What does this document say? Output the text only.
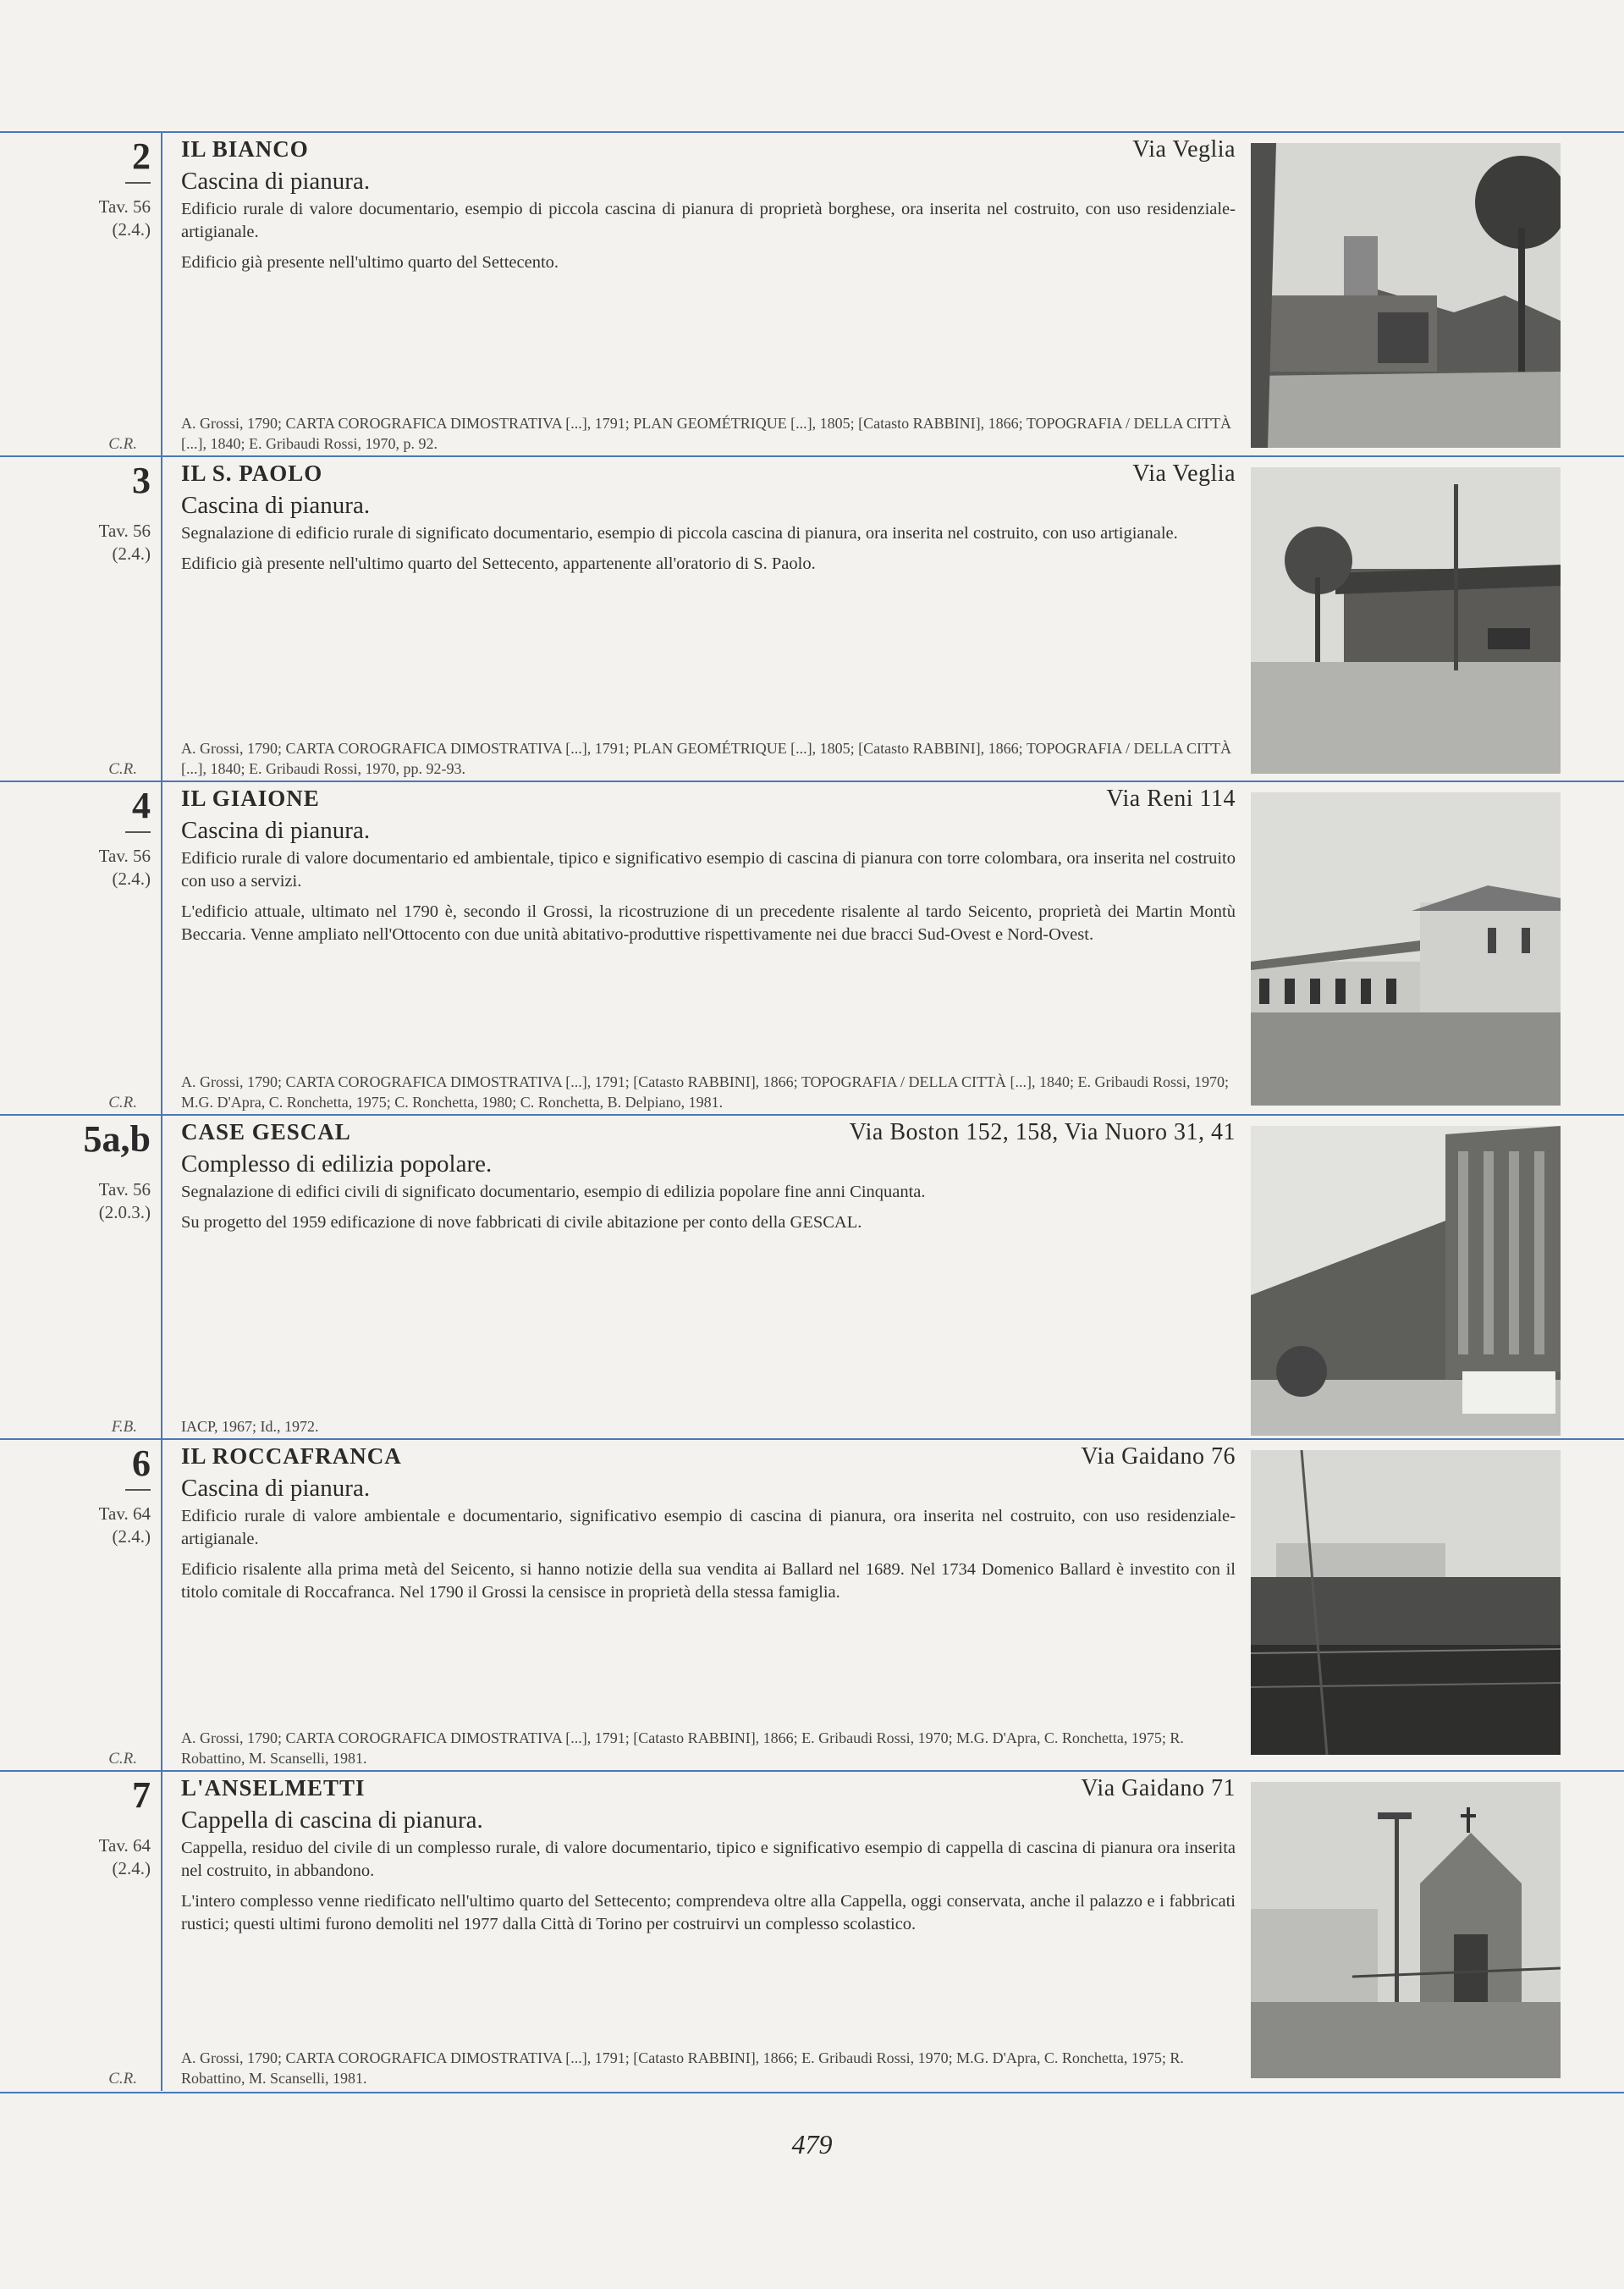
2
Tav. 56
(2.4.)
C.R.
IL BIANCO	Via Veglia
Cascina di pianura.

Edificio rurale di valore documentario, esempio di piccola cascina di pianura di proprietà borghese, ora inserita nel costruito, con uso residenziale-artigianale.

Edificio già presente nell'ultimo quarto del Settecento.

A. Grossi, 1790; CARTA COROGRAFICA DIMOSTRATIVA [...], 1791; PLAN GEOMÉTRIQUE [...], 1805; [Catasto RABBINI], 1866; TOPOGRAFIA / DELLA CITTÀ [...], 1840; E. Gribaudi Rossi, 1970, p. 92.
3
Tav. 56
(2.4.)
C.R.
IL S. PAOLO	Via Veglia
Cascina di pianura.

Segnalazione di edificio rurale di significato documentario, esempio di piccola cascina di pianura, ora inserita nel costruito, con uso artigianale.

Edificio già presente nell'ultimo quarto del Settecento, appartenente all'oratorio di S. Paolo.

A. Grossi, 1790; CARTA COROGRAFICA DIMOSTRATIVA [...], 1791; PLAN GEOMÉTRIQUE [...], 1805; [Catasto RABBINI], 1866; TOPOGRAFIA / DELLA CITTÀ [...], 1840; E. Gribaudi Rossi, 1970, pp. 92-93.
4
Tav. 56
(2.4.)
C.R.
IL GIAIONE	Via Reni 114
Cascina di pianura.

Edificio rurale di valore documentario ed ambientale, tipico e significativo esempio di cascina di pianura con torre colombara, ora inserita nel costruito con uso a servizi.

L'edificio attuale, ultimato nel 1790 è, secondo il Grossi, la ricostruzione di un precedente risalente al tardo Seicento, proprietà dei Martin Montù Beccaria. Venne ampliato nell'Ottocento con due unità abitativo-produttive rispettivamente nei due bracci Sud-Ovest e Nord-Ovest.

A. Grossi, 1790; CARTA COROGRAFICA DIMOSTRATIVA [...], 1791; [Catasto RABBINI], 1866; TOPOGRAFIA / DELLA CITTÀ [...], 1840; E. Gribaudi Rossi, 1970; M.G. D'Apra, C. Ronchetta, 1975; C. Ronchetta, 1980; C. Ronchetta, B. Delpiano, 1981.
5a,b
Tav. 56
(2.0.3.)
F.B.
CASE GESCAL	Via Boston 152, 158, Via Nuoro 31, 41
Complesso di edilizia popolare.

Segnalazione di edifici civili di significato documentario, esempio di edilizia popolare fine anni Cinquanta.

Su progetto del 1959 edificazione di nove fabbricati di civile abitazione per conto della GESCAL.

IACP, 1967; Id., 1972.
6
Tav. 64
(2.4.)
C.R.
IL ROCCAFRANCA	Via Gaidano 76
Cascina di pianura.

Edificio rurale di valore ambientale e documentario, significativo esempio di cascina di pianura, ora inserita nel costruito, con uso residenziale-artigianale.

Edificio risalente alla prima metà del Seicento, si hanno notizie della sua vendita ai Ballard nel 1689. Nel 1734 Domenico Ballard è investito con il titolo comitale di Roccafranca. Nel 1790 il Grossi la censisce in proprietà della stessa famiglia.

A. Grossi, 1790; CARTA COROGRAFICA DIMOSTRATIVA [...], 1791; [Catasto RABBINI], 1866; E. Gribaudi Rossi, 1970; M.G. D'Apra, C. Ronchetta, 1975; R. Robattino, M. Scanselli, 1981.
7
Tav. 64
(2.4.)
C.R.
L'ANSELMETTI	Via Gaidano 71
Cappella di cascina di pianura.

Cappella, residuo del civile di un complesso rurale, di valore documentario, tipico e significativo esempio di cappella di cascina di pianura ora inserita nel costruito, in abbandono.

L'intero complesso venne riedificato nell'ultimo quarto del Settecento; comprendeva oltre alla Cappella, oggi conservata, anche il palazzo e i fabbricati rustici; questi ultimi furono demoliti nel 1977 dalla Città di Torino per costruirvi un complesso scolastico.

A. Grossi, 1790; CARTA COROGRAFICA DIMOSTRATIVA [...], 1791; [Catasto RABBINI], 1866; E. Gribaudi Rossi, 1970; M.G. D'Apra, C. Ronchetta, 1975; R. Robattino, M. Scanselli, 1981.
479
